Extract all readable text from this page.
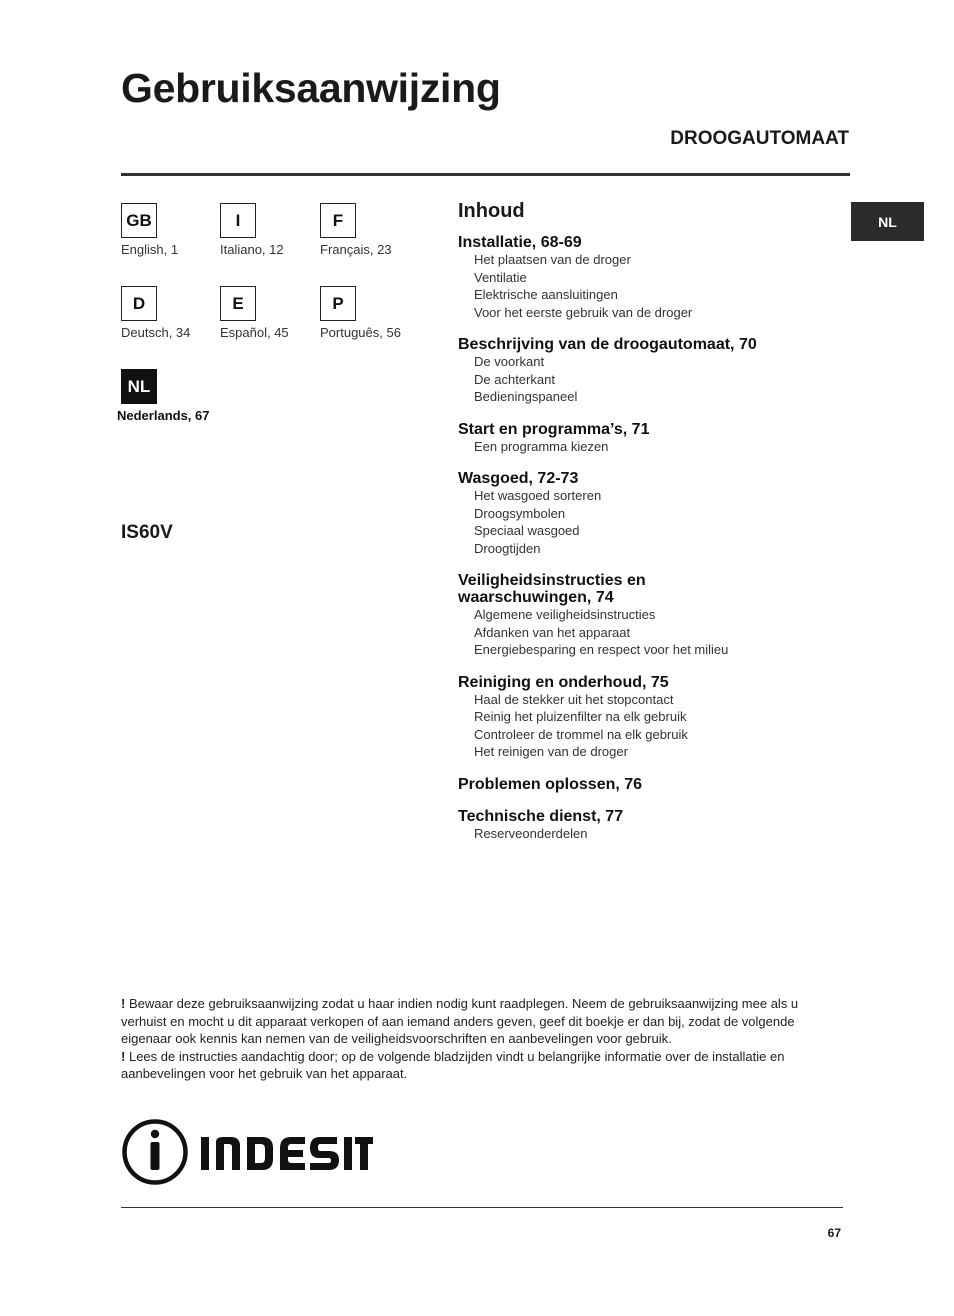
Gebruiksaanwijzing
DROOGAUTOMAAT
NL
GB
English, 1
I
Italiano, 12
F
Français, 23
D
Deutsch, 34
E
Español, 45
P
Português, 56
NL
Nederlands, 67
IS60V
Inhoud
Installatie, 68-69
Het plaatsen van de droger
Ventilatie
Elektrische aansluitingen
Voor het eerste gebruik van de droger
Beschrijving van de droogautomaat, 70
De voorkant
De achterkant
Bedieningspaneel
Start en programma’s, 71
Een programma kiezen
Wasgoed, 72-73
Het wasgoed sorteren
Droogsymbolen
Speciaal wasgoed
Droogtijden
Veiligheidsinstructies en waarschuwingen, 74
Algemene veiligheidsinstructies
Afdanken van het apparaat
Energiebesparing en respect voor het milieu
Reiniging en onderhoud, 75
Haal de stekker uit het stopcontact
Reinig het pluizenfilter na elk gebruik
Controleer de trommel na elk gebruik
Het reinigen van de droger
Problemen oplossen, 76
Technische dienst, 77
Reserveonderdelen
! Bewaar deze gebruiksaanwijzing zodat u haar indien nodig kunt raadplegen. Neem de gebruiksaanwijzing mee als u verhuist en mocht u dit apparaat verkopen of aan iemand anders geven, geef dit boekje er dan bij, zodat de volgende eigenaar ook kennis kan nemen van de veiligheidsvoorschriften en aanbevelingen voor gebruik.
! Lees de instructies aandachtig door; op de volgende bladzijden vindt u belangrijke informatie over de installatie en aanbevelingen voor het gebruik van het apparaat.
67
